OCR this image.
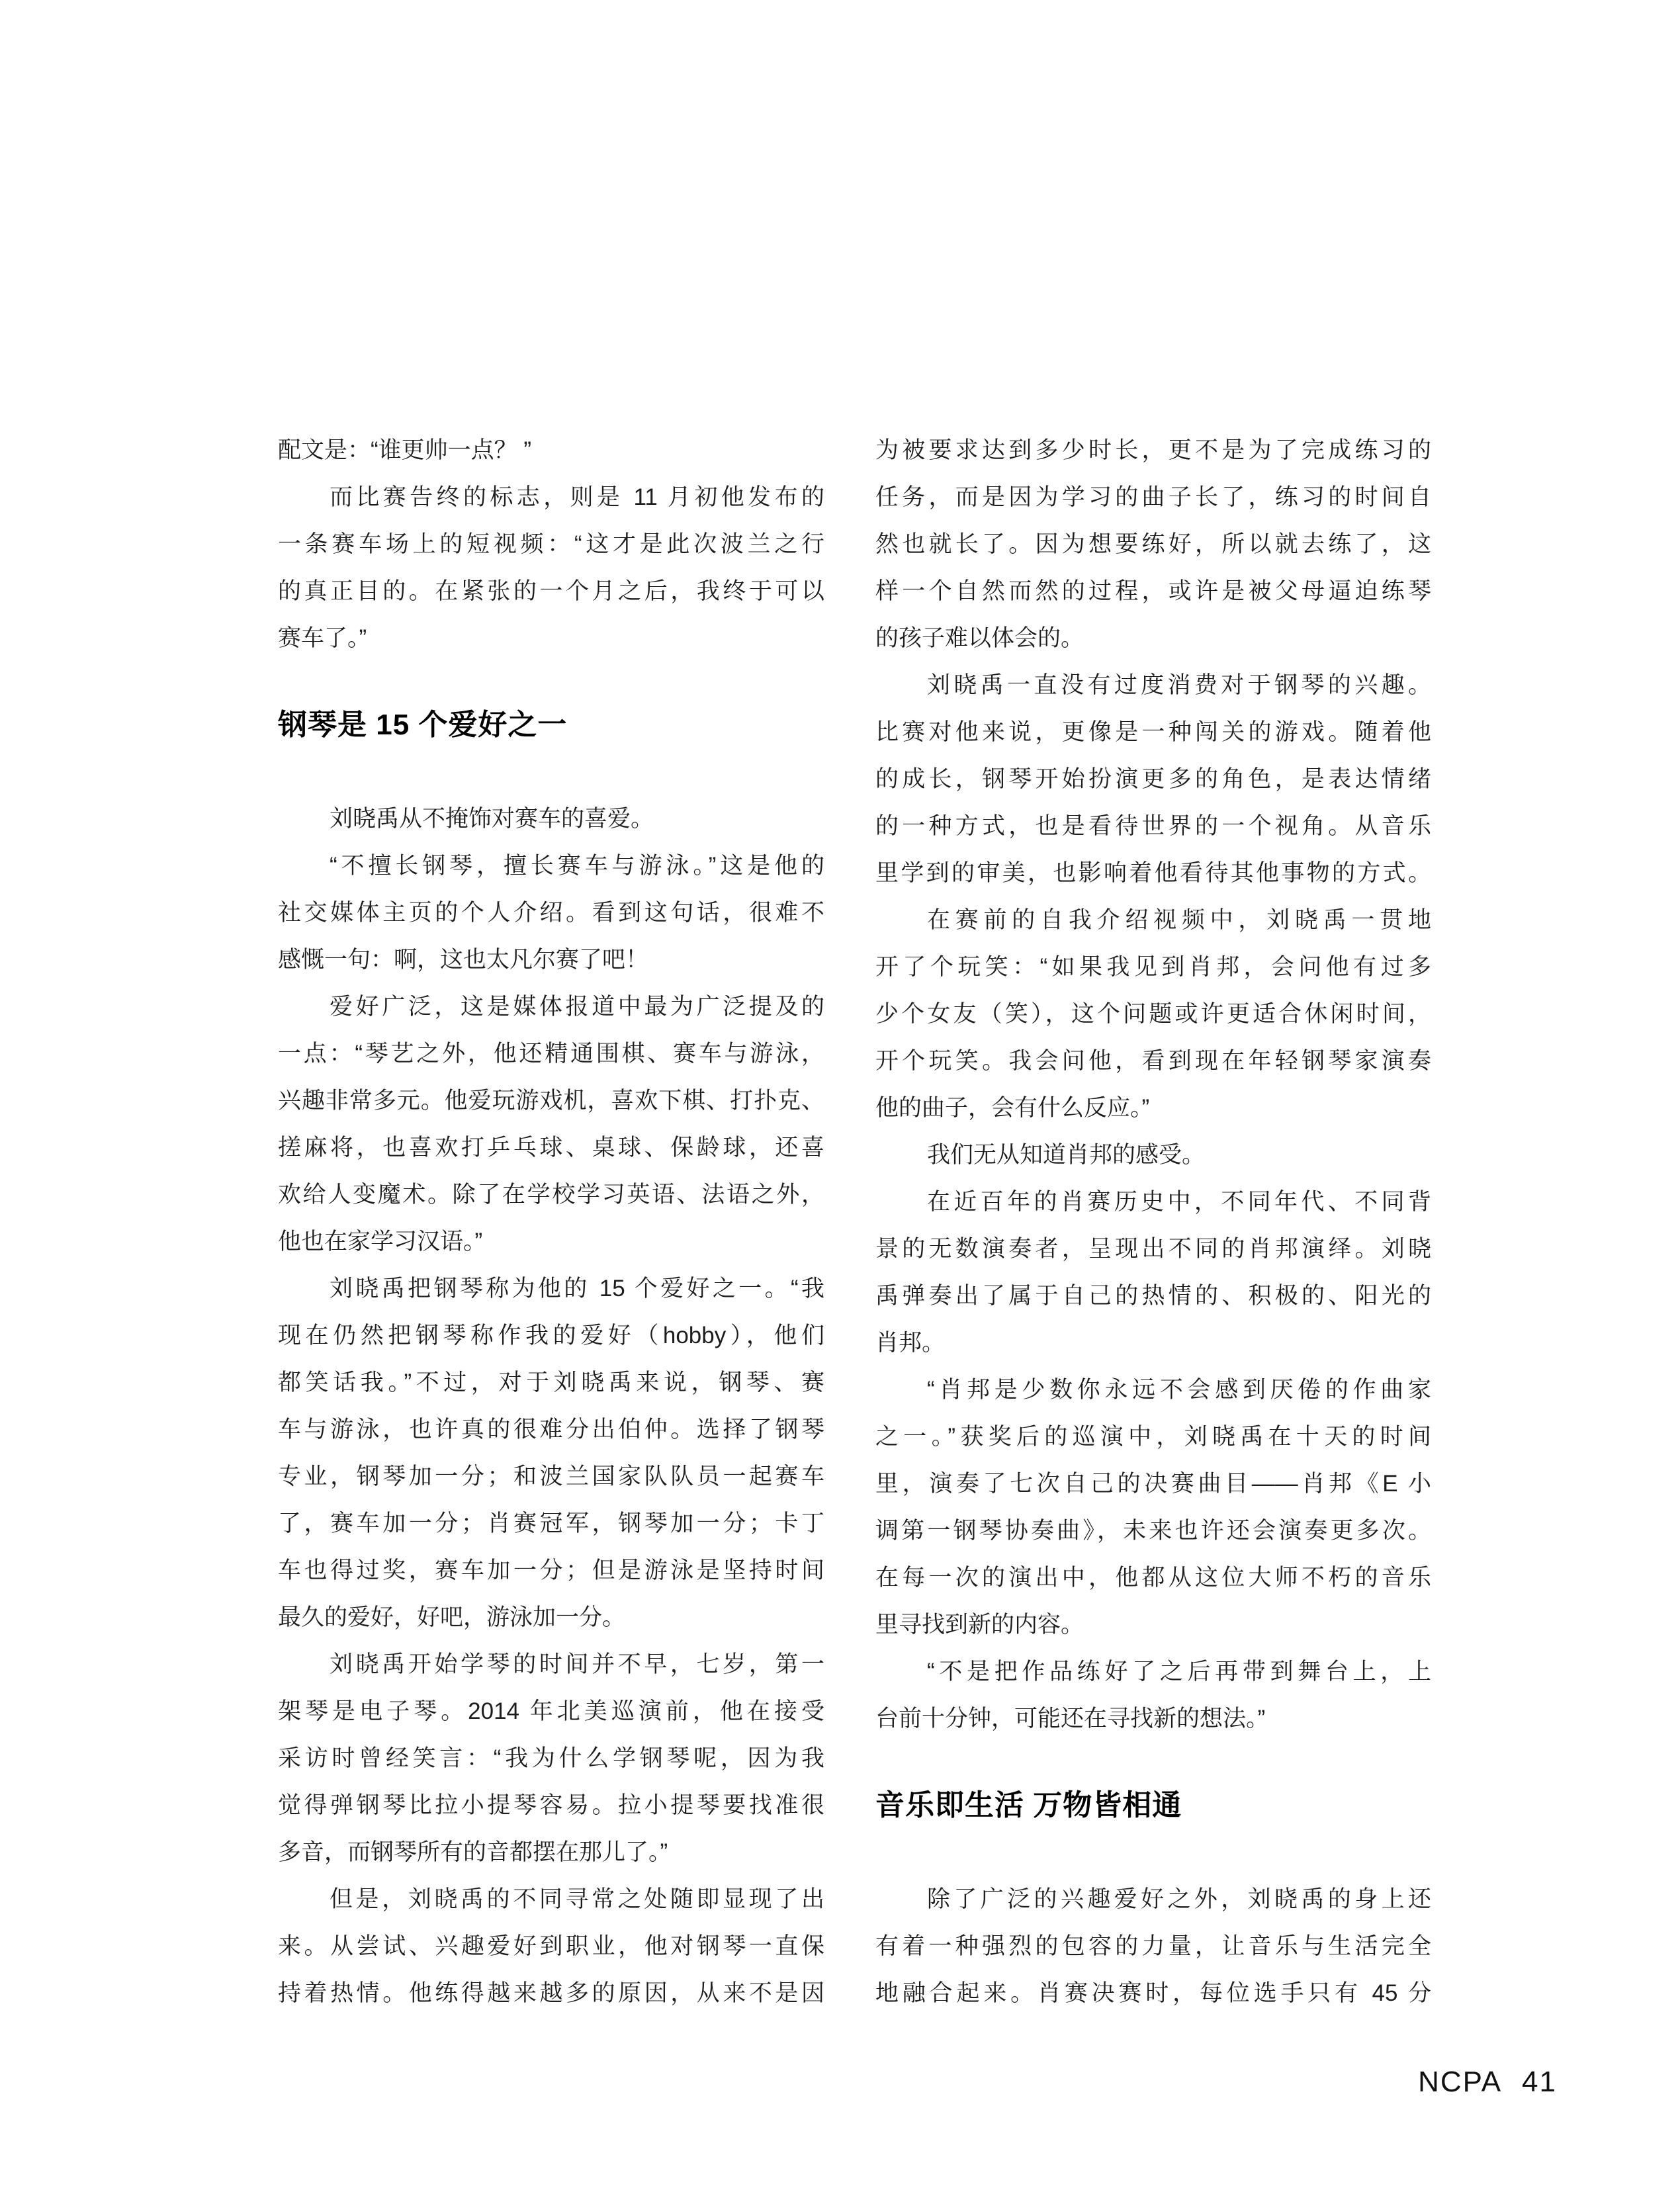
配文是：“谁更帅一点？ ”
而比赛告终的标志，则是 11 月初他发布的
一条赛车场上的短视频：“这才是此次波兰之行
的真正目的。在紧张的一个月之后，我终于可以
赛车了。”
钢琴是 15 个爱好之一
刘晓禹从不掩饰对赛车的喜爱。
“不擅长钢琴，擅长赛车与游泳。”这是他的
社交媒体主页的个人介绍。看到这句话，很难不
感慨一句：啊，这也太凡尔赛了吧！
爱好广泛，这是媒体报道中最为广泛提及的
一点：“琴艺之外，他还精通围棋、赛车与游泳，
兴趣非常多元。他爱玩游戏机，喜欢下棋、打扑克、
搓麻将，也喜欢打乒乓球、桌球、保龄球，还喜
欢给人变魔术。除了在学校学习英语、法语之外，
他也在家学习汉语。”
刘晓禹把钢琴称为他的 15 个爱好之一。“我
现在仍然把钢琴称作我的爱好（hobby），他们
都笑话我。”不过，对于刘晓禹来说，钢琴、赛
车与游泳，也许真的很难分出伯仲。选择了钢琴
专业，钢琴加一分；和波兰国家队队员一起赛车
了，赛车加一分；肖赛冠军，钢琴加一分；卡丁
车也得过奖，赛车加一分；但是游泳是坚持时间
最久的爱好，好吧，游泳加一分。
刘晓禹开始学琴的时间并不早，七岁，第一
架琴是电子琴。2014 年北美巡演前，他在接受
采访时曾经笑言：“我为什么学钢琴呢，因为我
觉得弹钢琴比拉小提琴容易。拉小提琴要找准很
多音，而钢琴所有的音都摆在那儿了。”
但是，刘晓禹的不同寻常之处随即显现了出
来。从尝试、兴趣爱好到职业，他对钢琴一直保
持着热情。他练得越来越多的原因，从来不是因
为被要求达到多少时长，更不是为了完成练习的
任务，而是因为学习的曲子长了，练习的时间自
然也就长了。因为想要练好，所以就去练了，这
样一个自然而然的过程，或许是被父母逼迫练琴
的孩子难以体会的。
刘晓禹一直没有过度消费对于钢琴的兴趣。
比赛对他来说，更像是一种闯关的游戏。随着他
的成长，钢琴开始扮演更多的角色，是表达情绪
的一种方式，也是看待世界的一个视角。从音乐
里学到的审美，也影响着他看待其他事物的方式。
在赛前的自我介绍视频中，刘晓禹一贯地
开了个玩笑：“如果我见到肖邦，会问他有过多
少个女友（笑），这个问题或许更适合休闲时间，
开个玩笑。我会问他，看到现在年轻钢琴家演奏
他的曲子，会有什么反应。”
我们无从知道肖邦的感受。
在近百年的肖赛历史中，不同年代、不同背
景的无数演奏者，呈现出不同的肖邦演绎。刘晓
禹弹奏出了属于自己的热情的、积极的、阳光的
肖邦。
“肖邦是少数你永远不会感到厌倦的作曲家
之一。”获奖后的巡演中，刘晓禹在十天的时间
里，演奏了七次自己的决赛曲目——肖邦《E 小
调第一钢琴协奏曲》，未来也许还会演奏更多次。
在每一次的演出中，他都从这位大师不朽的音乐
里寻找到新的内容。
“不是把作品练好了之后再带到舞台上，上
台前十分钟，可能还在寻找新的想法。”
音乐即生活 万物皆相通
除了广泛的兴趣爱好之外，刘晓禹的身上还
有着一种强烈的包容的力量，让音乐与生活完全
地融合起来。肖赛决赛时，每位选手只有 45 分
NCPA 41
